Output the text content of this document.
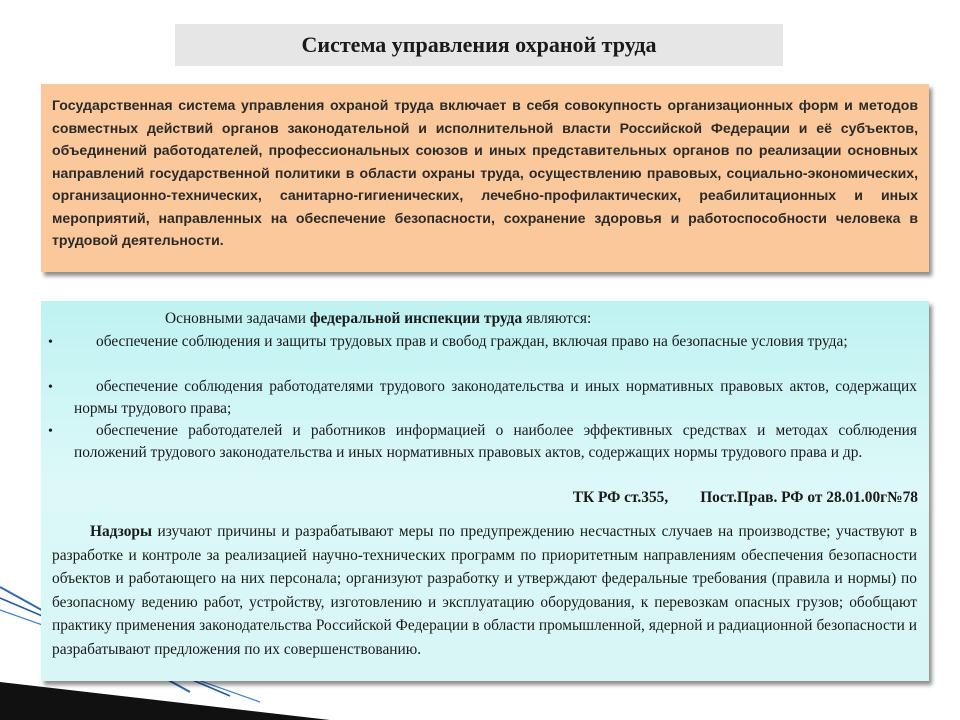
Система управления охраной труда

Государственная система управления охраной труда включает в себя совокупность организационных форм и методов совместных действий органов законодательной и исполнительной власти Российской Федерации и её субъектов, объединений работодателей, профессиональных союзов и иных представительных органов по реализации основных направлений государственной политики в области охраны труда, осуществлению правовых, социально-экономических, организационно-технических, санитарно-гигиенических, лечебно-профилактических, реабилитационных и иных мероприятий, направленных на обеспечение безопасности, сохранение здоровья и работоспособности человека в трудовой деятельности.

Основными задачами федеральной инспекции труда являются:
•	обеспечение соблюдения и защиты трудовых прав и свобод граждан, включая право на безопасные условия труда;

•	обеспечение соблюдения работодателями трудового законодательства и иных нормативных правовых актов, содержащих нормы трудового права;

•	обеспечение работодателей и работников информацией о наиболее эффективных средствах и методах соблюдения положений трудового законодательства и иных нормативных правовых актов, содержащих нормы трудового права и др.

ТК РФ ст.355, Пост.Прав. РФ от 28.01.00г№78

Надзоры изучают причины и разрабатывают меры по предупреждению несчастных случаев на производстве; участвуют в разработке и контроле за реализацией научно-технических программ по приоритетным направлениям обеспечения безопасности объектов и работающего на них персонала; организуют разработку и утверждают федеральные требования (правила и нормы) по безопасному ведению работ, устройству, изготовлению и эксплуатацию оборудования, к перевозкам опасных грузов; обобщают практику применения законодательства Российской Федерации в области промышленной, ядерной и радиационной безопасности и разрабатывают предложения по их совершенствованию.
